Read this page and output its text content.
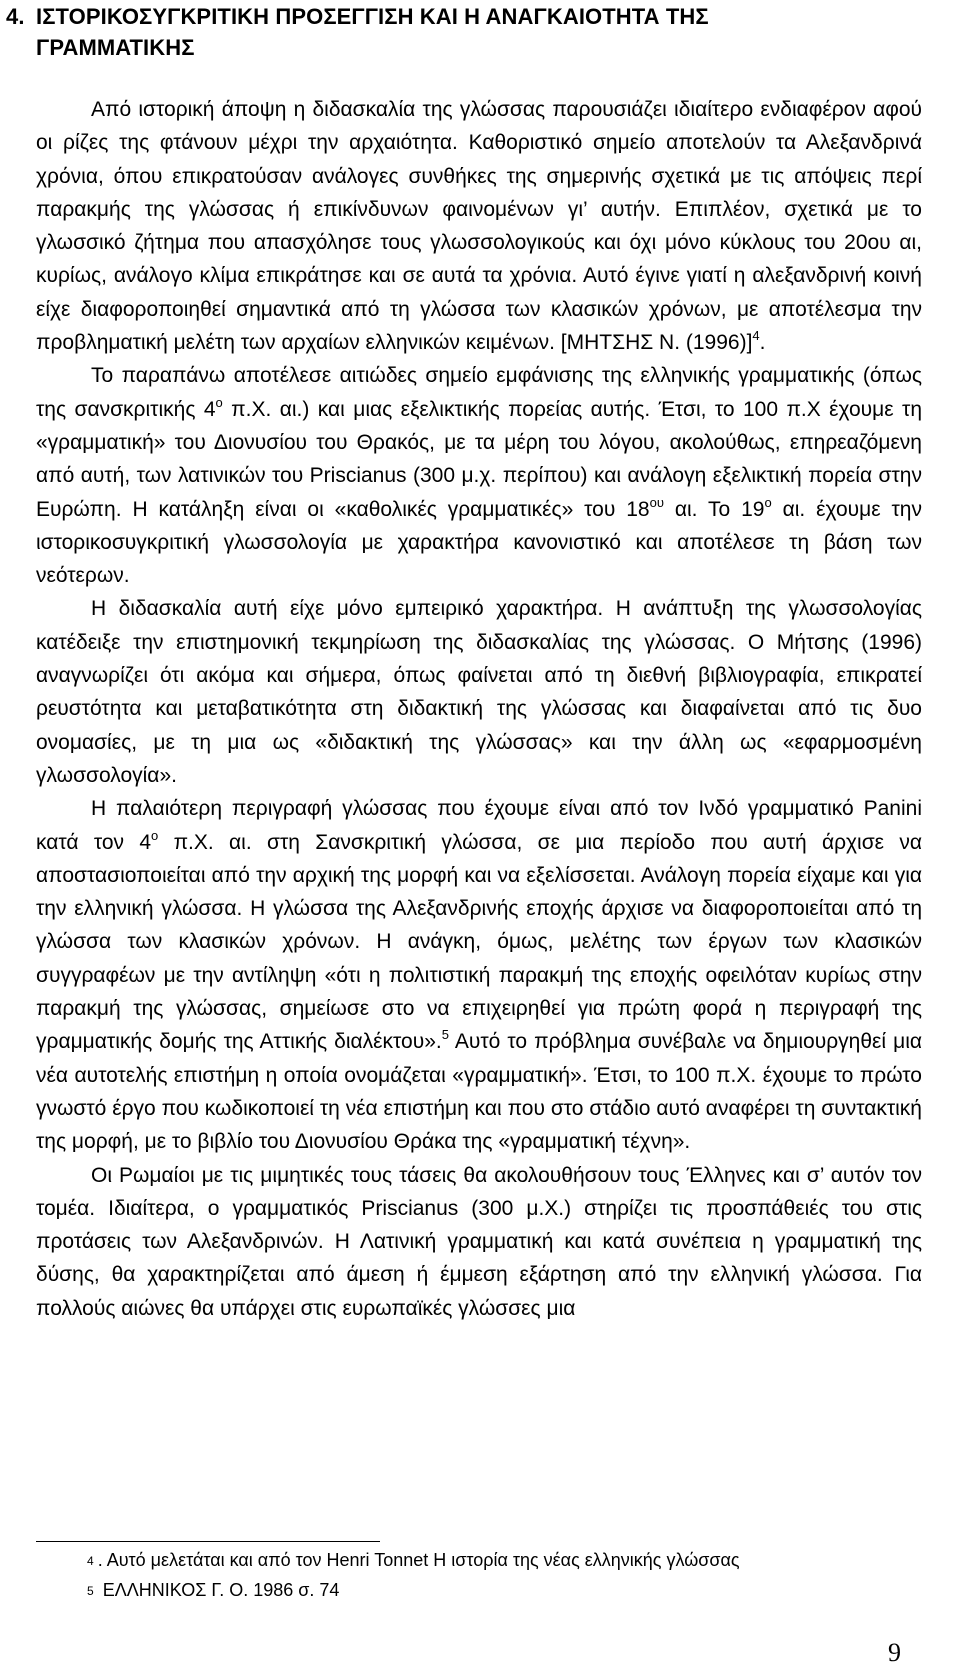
4. ΙΣΤΟΡΙΚΟΣΥΓΚΡΙΤΙΚΗ ΠΡΟΣΕΓΓΙΣΗ ΚΑΙ Η ΑΝΑΓΚΑΙΟΤΗΤΑ ΤΗΣ
ΓΡΑΜΜΑΤΙΚΗΣ

Από ιστορική άποψη η διδασκαλία της γλώσσας παρουσιάζει ιδιαίτερο ενδιαφέρον αφού οι ρίζες της φτάνουν μέχρι την αρχαιότητα. Καθοριστικό σημείο αποτελούν τα Αλεξανδρινά χρόνια, όπου επικρατούσαν ανάλογες συνθήκες της σημερινής σχετικά με τις απόψεις περί παρακμής της γλώσσας ή επικίνδυνων φαινομένων γι’ αυτήν. Επιπλέον, σχετικά με το γλωσσικό ζήτημα που απασχόλησε τους γλωσσολογικούς και όχι μόνο κύκλους του 20ου αι, κυρίως, ανάλογο κλίμα επικράτησε και σε αυτά τα χρόνια. Αυτό έγινε γιατί η αλεξανδρινή κοινή είχε διαφοροποιηθεί σημαντικά από τη γλώσσα των κλασικών χρόνων, με αποτέλεσμα την προβληματική μελέτη των αρχαίων ελληνικών κειμένων. [ΜΗΤΣΗΣ Ν. (1996)]$^4$.

Το παραπάνω αποτέλεσε αιτιώδες σημείο εμφάνισης της ελληνικής γραμματικής (όπως της σανσκριτικής $4^o$ π.Χ. αι.) και μιας εξελικτικής πορείας αυτής. Έτσι, το 100 π.Χ έχουμε τη «γραμματική» του Διονυσίου του Θρακός, με τα μέρη του λόγου, ακολούθως, επηρεαζόμενη από αυτή, των λατινικών του Priscianus (300 μ.χ. περίπου) και ανάλογη εξελικτική πορεία στην Ευρώπη. Η κατάληξη είναι οι «καθολικές γραμματικές» του $18^{o\upsilon}$ αι. Το $19^o$ αι. έχουμε την ιστορικοσυγκριτική γλωσσολογία με χαρακτήρα κανονιστικό και αποτέλεσε τη βάση των νεότερων.

Η διδασκαλία αυτή είχε μόνο εμπειρικό χαρακτήρα. Η ανάπτυξη της γλωσσολογίας κατέδειξε την επιστημονική τεκμηρίωση της διδασκαλίας της γλώσσας. Ο Μήτσης (1996) αναγνωρίζει ότι ακόμα και σήμερα, όπως φαίνεται από τη διεθνή βιβλιογραφία, επικρατεί ρευστότητα και μεταβατικότητα στη διδακτική της γλώσσας και διαφαίνεται από τις δυο ονομασίες, με τη μια ως «διδακτική της γλώσσας» και την άλλη ως «εφαρμοσμένη γλωσσολογία».

Η παλαιότερη περιγραφή γλώσσας που έχουμε είναι από τον Ινδό γραμματικό Panini κατά τον $4^o$ π.Χ. αι. στη Σανσκριτική γλώσσα, σε μια περίοδο που αυτή άρχισε να αποστασιοποιείται από την αρχική της μορφή και να εξελίσσεται. Ανάλογη πορεία είχαμε και για την ελληνική γλώσσα. Η γλώσσα της Αλεξανδρινής εποχής άρχισε να διαφοροποιείται από τη γλώσσα των κλασικών χρόνων. Η ανάγκη, όμως, μελέτης των έργων των κλασικών συγγραφέων με την αντίληψη «ότι η πολιτιστική παρακμή της εποχής οφειλόταν κυρίως στην παρακμή της γλώσσας, σημείωσε στο να επιχειρηθεί για πρώτη φορά η περιγραφή της γραμματικής δομής της Αττικής διαλέκτου».$^5$ Αυτό το πρόβλημα συνέβαλε να δημιουργηθεί μια νέα αυτοτελής επιστήμη η οποία ονομάζεται «γραμματική». Έτσι, το 100 π.Χ. έχουμε το πρώτο γνωστό έργο που κωδικοποιεί τη νέα επιστήμη και που στο στάδιο αυτό αναφέρει τη συντακτική της μορφή, με το βιβλίο του Διονυσίου Θράκα της «γραμματική τέχνη».

Οι Ρωμαίοι με τις μιμητικές τους τάσεις θα ακολουθήσουν τους Έλληνες και σ’ αυτόν τον τομέα. Ιδιαίτερα, ο γραμματικός Priscianus (300 μ.Χ.) στηρίζει τις προσπάθειές του στις προτάσεις των Αλεξανδρινών. Η Λατινική γραμματική και κατά συνέπεια η γραμματική της δύσης, θα χαρακτηρίζεται από άμεση ή έμμεση εξάρτηση από την ελληνική γλώσσα. Για πολλούς αιώνες θα υπάρχει στις ευρωπαϊκές γλώσσες μια

4 . Αυτό μελετάται και από τον Henri Tonnet Η ιστορία της νέας ελληνικής γλώσσας
5 ΕΛΛΗΝΙΚΟΣ Γ. Ο. 1986 σ. 74
9
